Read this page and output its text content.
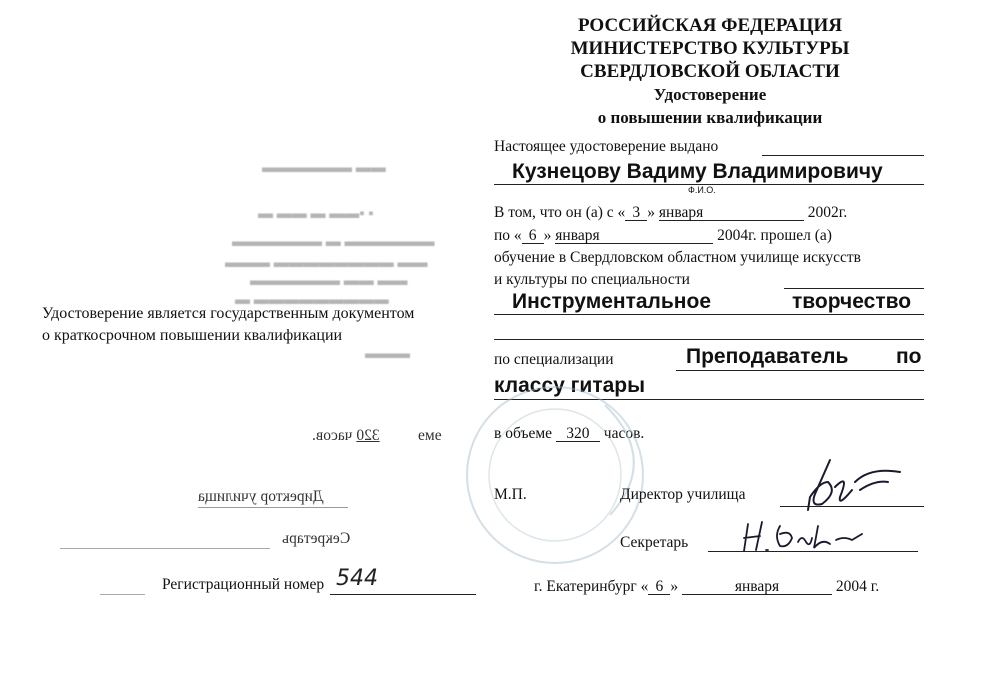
РОССИЙСКАЯ ФЕДЕРАЦИЯ
МИНИСТЕРСТВО КУЛЬТУРЫ
СВЕРДЛОВСКОЙ ОБЛАСТИ
Удостоверение
о повышении квалификации
▬▬ ▬▬▬▬▬▬
▪ ▪▬▬ ▬ ▬▬ ▬
▬▬▬▬▬▬ ▬ ▬▬▬▬▬▬
▬▬ ▬▬▬▬▬▬▬▬ ▬▬▬
▬▬ ▬▬ ▬▬▬▬▬▬
▬▬▬▬▬▬▬▬▬ ▬
▬▬▬
Удостоверение является государственным документом
о краткосрочном повышении квалификации
320 часов.	еме
Директор училища
Секретарь
Регистрационный номер 544
Настоящее удостоверение выдано
Кузнецову Вадиму Владимировичу
Ф.И.О.
В том, что он (а) с « 3 » января	2002г.
по « 6 » января	2004г. прошел (а)
обучение в Свердловском областном училище искусств
и культуры по специальности
Инструментальное	творчество
по специализации	Преподаватель по
классу гитары
в объеме 320 часов.
М.П.	Директор училища
Секретарь
г. Екатеринбург « 6 »	января	2004 г.
